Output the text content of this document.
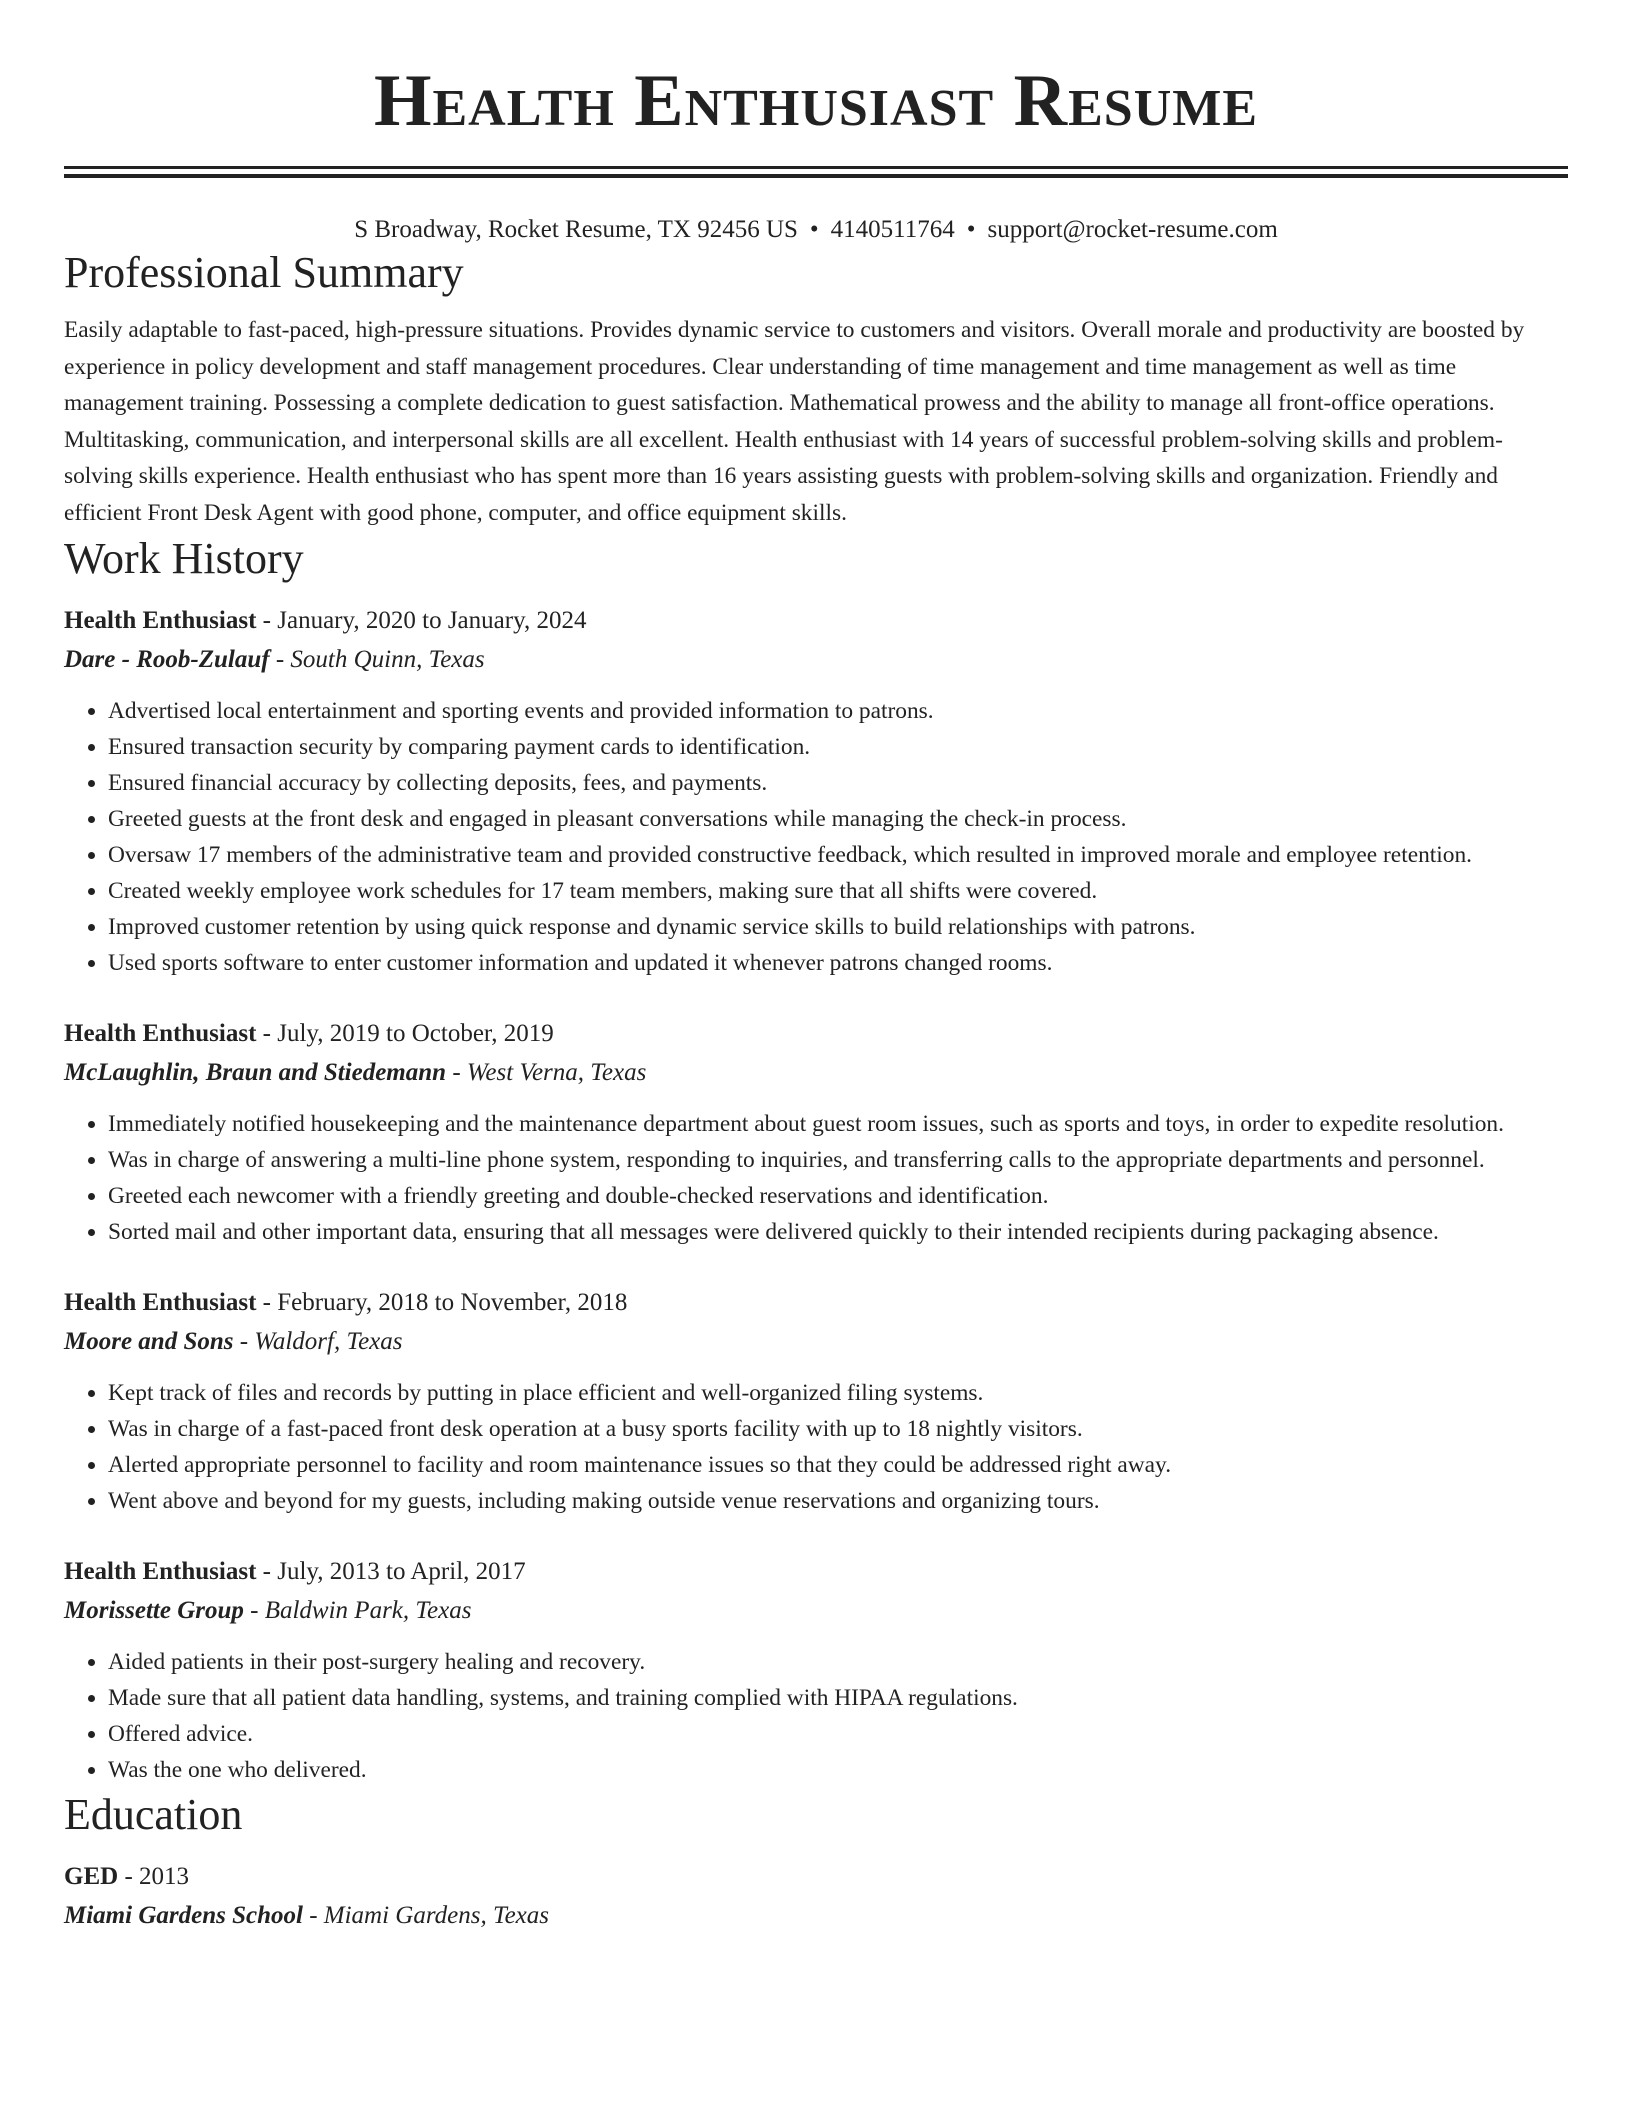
Health Enthusiast Resume
S Broadway, Rocket Resume, TX 92456 US • 4140511764 • support@rocket-resume.com
Professional Summary
Easily adaptable to fast-paced, high-pressure situations. Provides dynamic service to customers and visitors. Overall morale and productivity are boosted by experience in policy development and staff management procedures. Clear understanding of time management and time management as well as time management training. Possessing a complete dedication to guest satisfaction. Mathematical prowess and the ability to manage all front-office operations. Multitasking, communication, and interpersonal skills are all excellent. Health enthusiast with 14 years of successful problem-solving skills and problem-solving skills experience. Health enthusiast who has spent more than 16 years assisting guests with problem-solving skills and organization. Friendly and efficient Front Desk Agent with good phone, computer, and office equipment skills.
Work History
Health Enthusiast - January, 2020 to January, 2024
Dare - Roob-Zulauf - South Quinn, Texas
• Advertised local entertainment and sporting events and provided information to patrons.
• Ensured transaction security by comparing payment cards to identification.
• Ensured financial accuracy by collecting deposits, fees, and payments.
• Greeted guests at the front desk and engaged in pleasant conversations while managing the check-in process.
• Oversaw 17 members of the administrative team and provided constructive feedback, which resulted in improved morale and employee retention.
• Created weekly employee work schedules for 17 team members, making sure that all shifts were covered.
• Improved customer retention by using quick response and dynamic service skills to build relationships with patrons.
• Used sports software to enter customer information and updated it whenever patrons changed rooms.
Health Enthusiast - July, 2019 to October, 2019
McLaughlin, Braun and Stiedemann - West Verna, Texas
• Immediately notified housekeeping and the maintenance department about guest room issues, such as sports and toys, in order to expedite resolution.
• Was in charge of answering a multi-line phone system, responding to inquiries, and transferring calls to the appropriate departments and personnel.
• Greeted each newcomer with a friendly greeting and double-checked reservations and identification.
• Sorted mail and other important data, ensuring that all messages were delivered quickly to their intended recipients during packaging absence.
Health Enthusiast - February, 2018 to November, 2018
Moore and Sons - Waldorf, Texas
• Kept track of files and records by putting in place efficient and well-organized filing systems.
• Was in charge of a fast-paced front desk operation at a busy sports facility with up to 18 nightly visitors.
• Alerted appropriate personnel to facility and room maintenance issues so that they could be addressed right away.
• Went above and beyond for my guests, including making outside venue reservations and organizing tours.
Health Enthusiast - July, 2013 to April, 2017
Morissette Group - Baldwin Park, Texas
• Aided patients in their post-surgery healing and recovery.
• Made sure that all patient data handling, systems, and training complied with HIPAA regulations.
• Offered advice.
• Was the one who delivered.
Education
GED - 2013
Miami Gardens School - Miami Gardens, Texas
